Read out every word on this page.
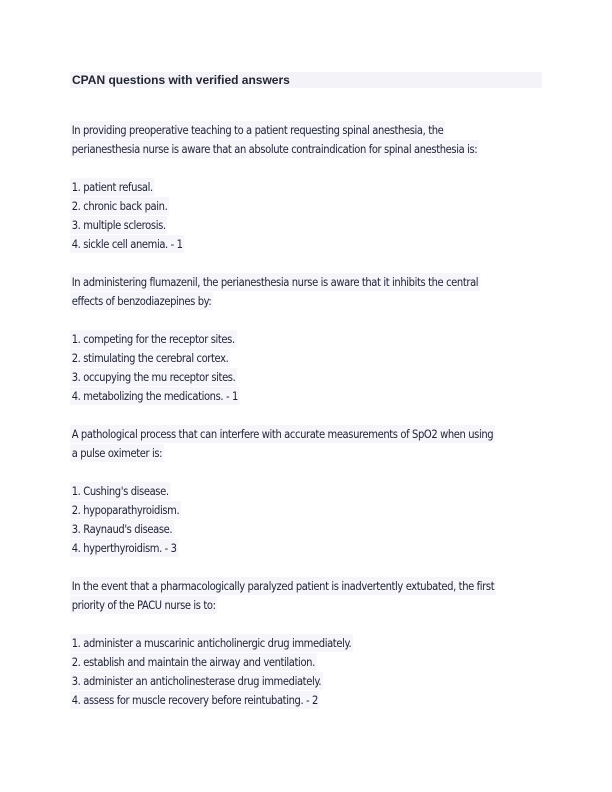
CPAN questions with verified answers
In providing preoperative teaching to a patient requesting spinal anesthesia, the
perianesthesia nurse is aware that an absolute contraindication for spinal anesthesia is:
1. patient refusal.
2. chronic back pain.
3. multiple sclerosis.
4. sickle cell anemia. - 1
In administering flumazenil, the perianesthesia nurse is aware that it inhibits the central
effects of benzodiazepines by:
1. competing for the receptor sites.
2. stimulating the cerebral cortex.
3. occupying the mu receptor sites.
4. metabolizing the medications. - 1
A pathological process that can interfere with accurate measurements of SpO2 when using
a pulse oximeter is:
1. Cushing's disease.
2. hypoparathyroidism.
3. Raynaud's disease.
4. hyperthyroidism. - 3
In the event that a pharmacologically paralyzed patient is inadvertently extubated, the first
priority of the PACU nurse is to:
1. administer a muscarinic anticholinergic drug immediately.
2. establish and maintain the airway and ventilation.
3. administer an anticholinesterase drug immediately.
4. assess for muscle recovery before reintubating. - 2
